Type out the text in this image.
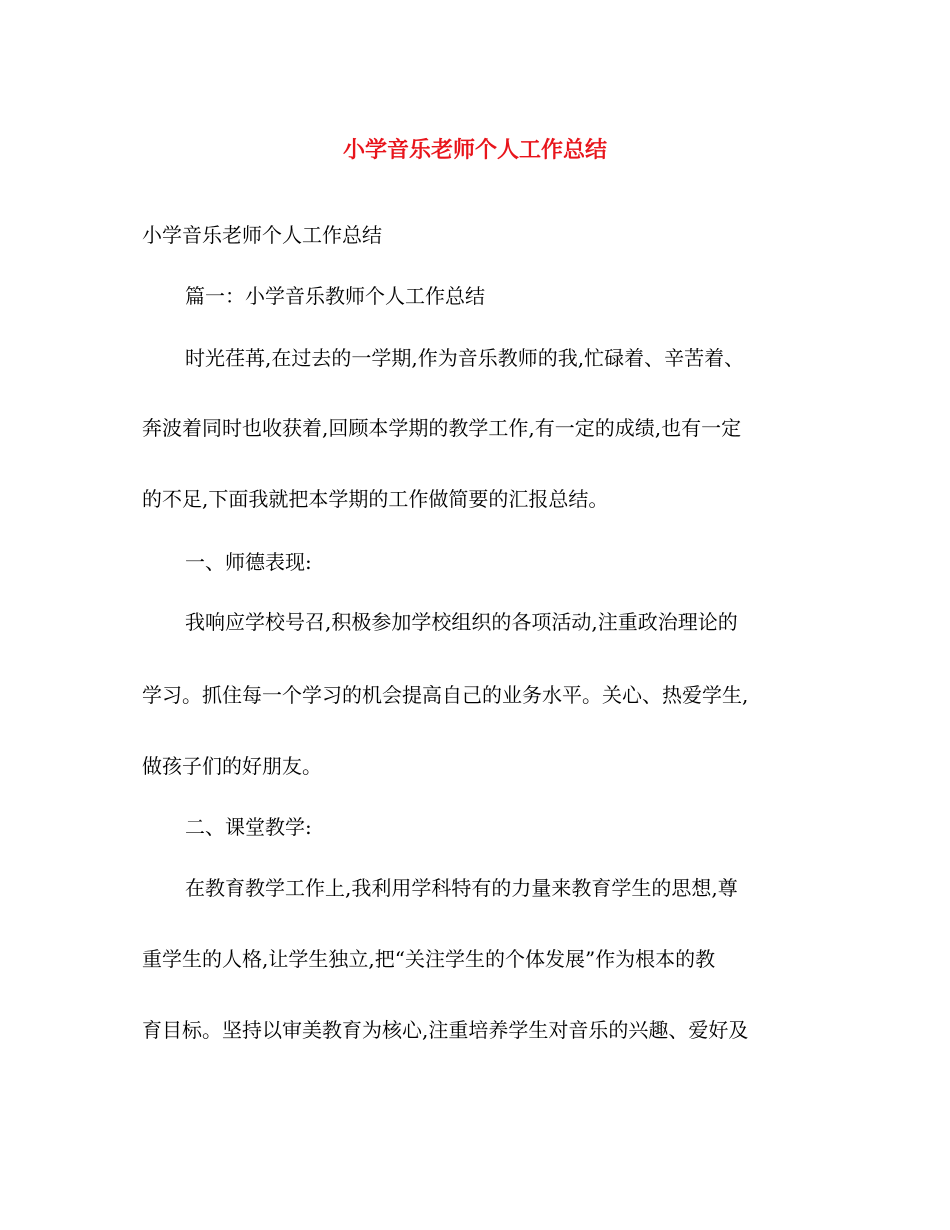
小学音乐老师个人工作总结
小学音乐老师个人工作总结
篇一：小学音乐教师个人工作总结
时光荏苒,在过去的一学期,作为音乐教师的我,忙碌着、辛苦着、
奔波着同时也收获着,回顾本学期的教学工作,有一定的成绩,也有一定
的不足,下面我就把本学期的工作做简要的汇报总结。
一、师德表现:
我响应学校号召,积极参加学校组织的各项活动,注重政治理论的
学习。抓住每一个学习的机会提高自己的业务水平。关心、热爱学生,
做孩子们的好朋友。
二、课堂教学:
在教育教学工作上,我利用学科特有的力量来教育学生的思想,尊
重学生的人格,让学生独立,把“关注学生的个体发展”作为根本的教
育目标。坚持以审美教育为核心,注重培养学生对音乐的兴趣、爱好及
